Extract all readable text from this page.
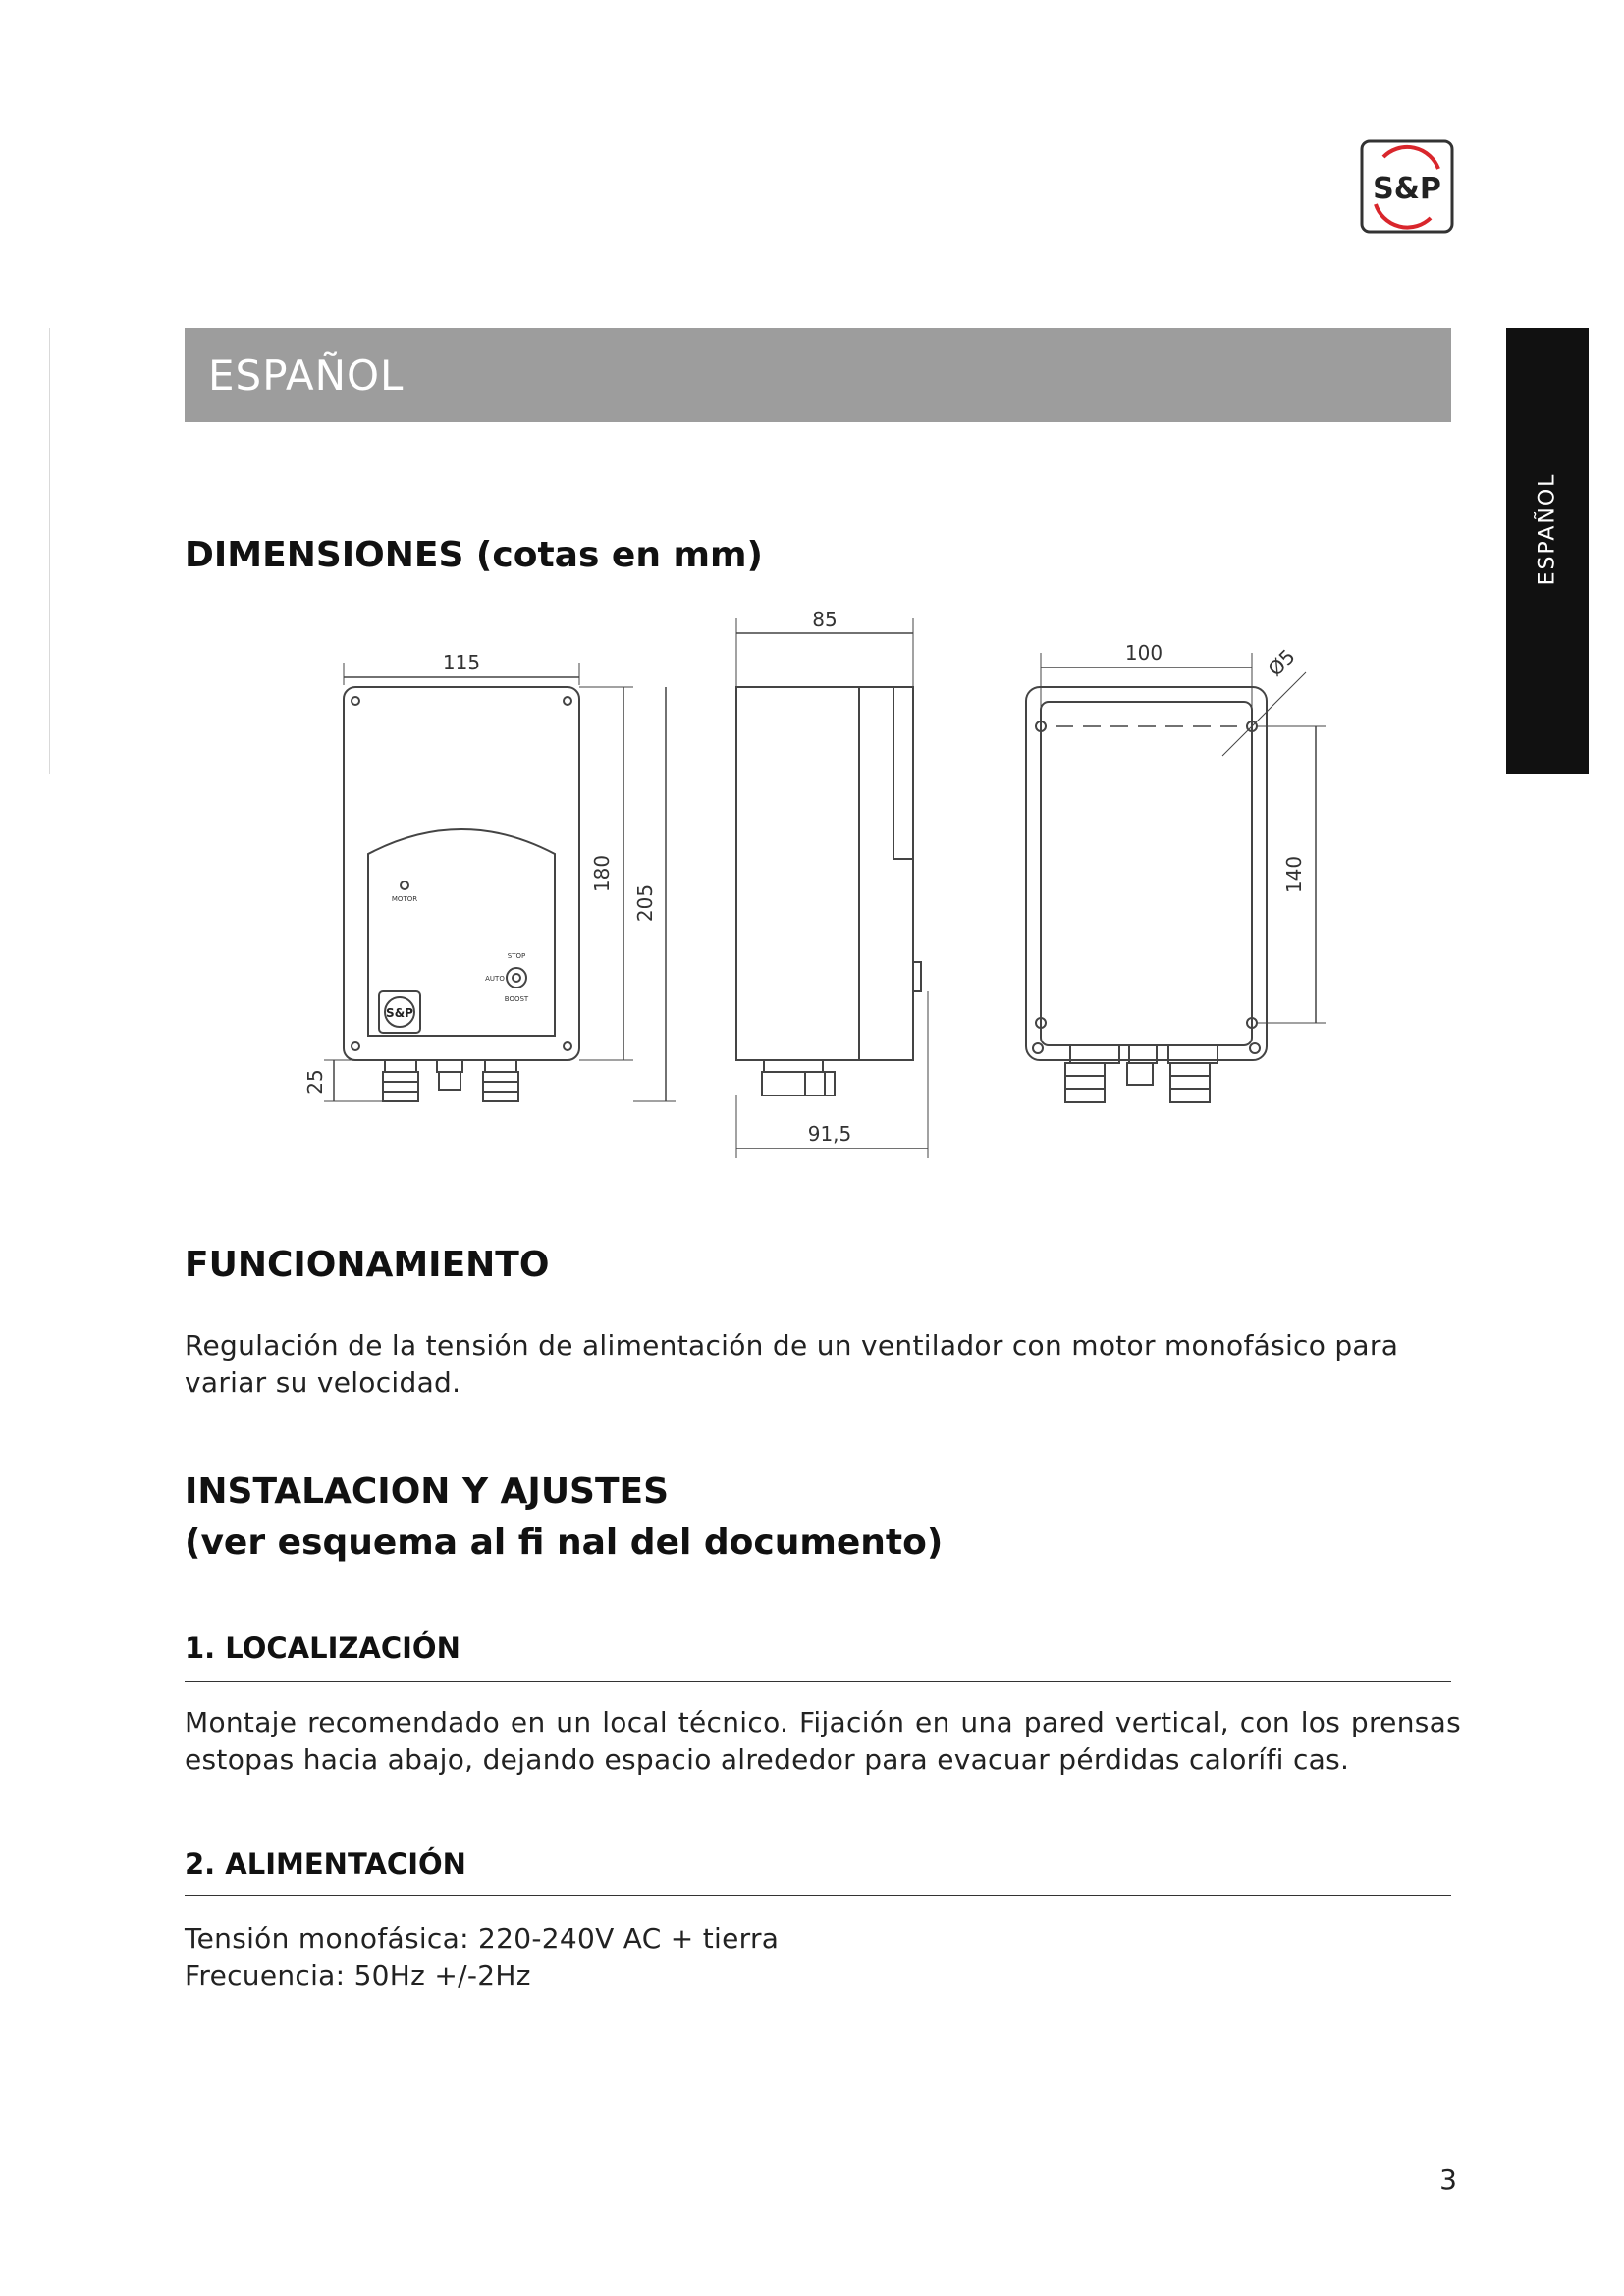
S&P
ESPAÑOL
ESPAÑOL
DIMENSIONES (cotas en mm)
MOTOR
STOP
AUTO
BOOST
S&P
115
180
205
25
85
91,5
100
140
Ø5
FUNCIONAMIENTO
Regulación de la tensión de alimentación de un ventilador con motor monofásico para variar su velocidad.
INSTALACION Y AJUSTES
(ver esquema al fi nal del documento)
1. LOCALIZACIÓN
Montaje recomendado en un local técnico. Fijación en una pared vertical, con los prensas estopas hacia abajo, dejando espacio alrededor para evacuar pérdidas calorífi cas.
2. ALIMENTACIÓN
Tensión monofásica: 220-240V AC + tierra
Frecuencia: 50Hz +/-2Hz
3
